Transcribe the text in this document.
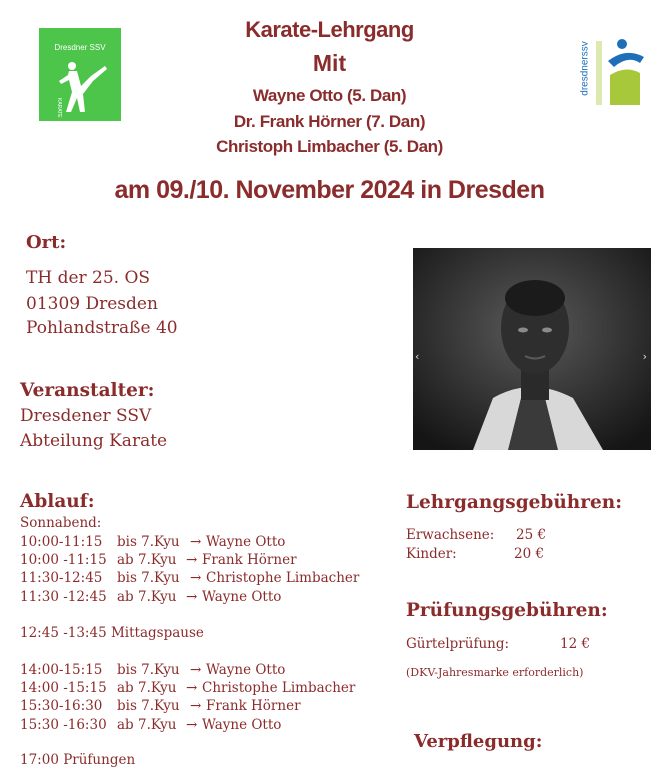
Karate-Lehrgang
Mit
Wayne Otto (5. Dan)
Dr. Frank Hörner (7. Dan)
Christoph Limbacher (5. Dan)
am 09./10. November 2024 in Dresden
Dresdner SSV
KARATE
dresdnerssv
Ort:
TH der 25. OS
01309 Dresden
Pohlandstraße 40
‹	›
Veranstalter:
Dresdener SSV
Abteilung Karate
Ablauf:
Sonnabend:
10:00-11:15 bis 7.Kyu → Wayne Otto
10:00 -11:15 ab 7.Kyu → Frank Hörner
11:30-12:45 bis 7.Kyu → Christophe Limbacher
11:30 -12:45 ab 7.Kyu → Wayne Otto
12:45 -13:45 Mittagspause
14:00-15:15 bis 7.Kyu → Wayne Otto
14:00 -15:15 ab 7.Kyu → Christophe Limbacher
15:30-16:30 bis 7.Kyu → Frank Hörner
15:30 -16:30 ab 7.Kyu → Wayne Otto
17:00 Prüfungen
Lehrgangsgebühren:
Erwachsene: 25 €
Kinder:	20 €
Prüfungsgebühren:
Gürtelprüfung:	12 €
(DKV-Jahresmarke erforderlich)
Verpflegung:
